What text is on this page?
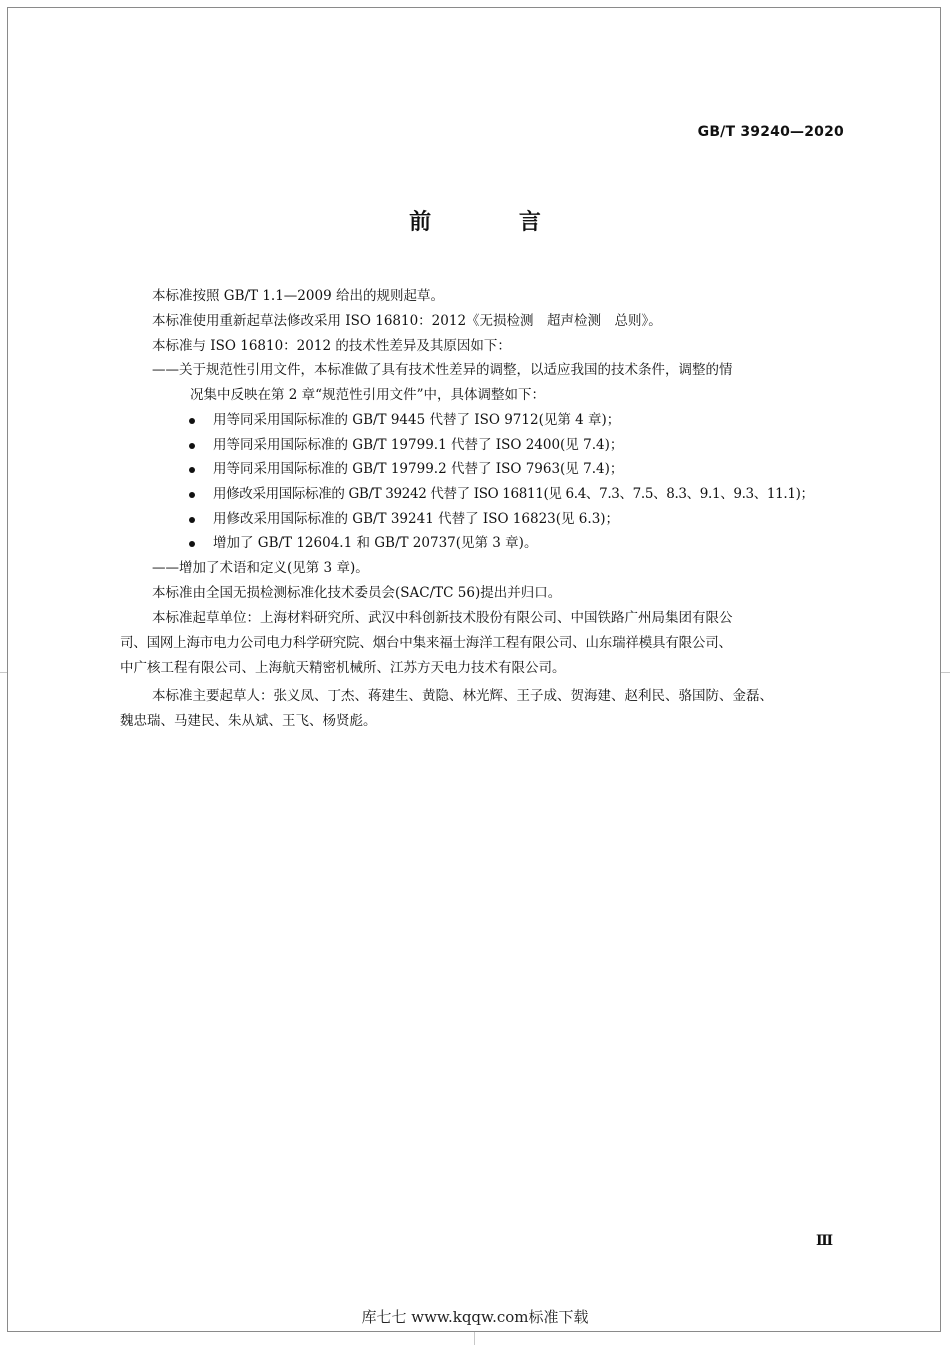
GB/T 39240—2020
前 言
本标准按照 GB/T 1.1—2009 给出的规则起草。
本标准使用重新起草法修改采用 ISO 16810：2012《无损检测　超声检测　总则》。
本标准与 ISO 16810：2012 的技术性差异及其原因如下：
——关于规范性引用文件，本标准做了具有技术性差异的调整，以适应我国的技术条件，调整的情
况集中反映在第 2 章“规范性引用文件”中，具体调整如下：
用等同采用国际标准的 GB/T 9445 代替了 ISO 9712(见第 4 章)；
用等同采用国际标准的 GB/T 19799.1 代替了 ISO 2400(见 7.4)；
用等同采用国际标准的 GB/T 19799.2 代替了 ISO 7963(见 7.4)；
用修改采用国际标准的 GB/T 39242 代替了 ISO 16811(见 6.4、7.3、7.5、8.3、9.1、9.3、11.1)；
用修改采用国际标准的 GB/T 39241 代替了 ISO 16823(见 6.3)；
增加了 GB/T 12604.1 和 GB/T 20737(见第 3 章)。
——增加了术语和定义(见第 3 章)。
本标准由全国无损检测标准化技术委员会(SAC/TC 56)提出并归口。
本标准起草单位：上海材料研究所、武汉中科创新技术股份有限公司、中国铁路广州局集团有限公
司、国网上海市电力公司电力科学研究院、烟台中集来福士海洋工程有限公司、山东瑞祥模具有限公司、
中广核工程有限公司、上海航天精密机械所、江苏方天电力技术有限公司。
本标准主要起草人：张义凤、丁杰、蒋建生、黄隐、林光辉、王子成、贺海建、赵利民、骆国防、金磊、
魏忠瑞、马建民、朱从斌、王飞、杨贤彪。
Ⅲ
库七七 www.kqqw.com标准下载
